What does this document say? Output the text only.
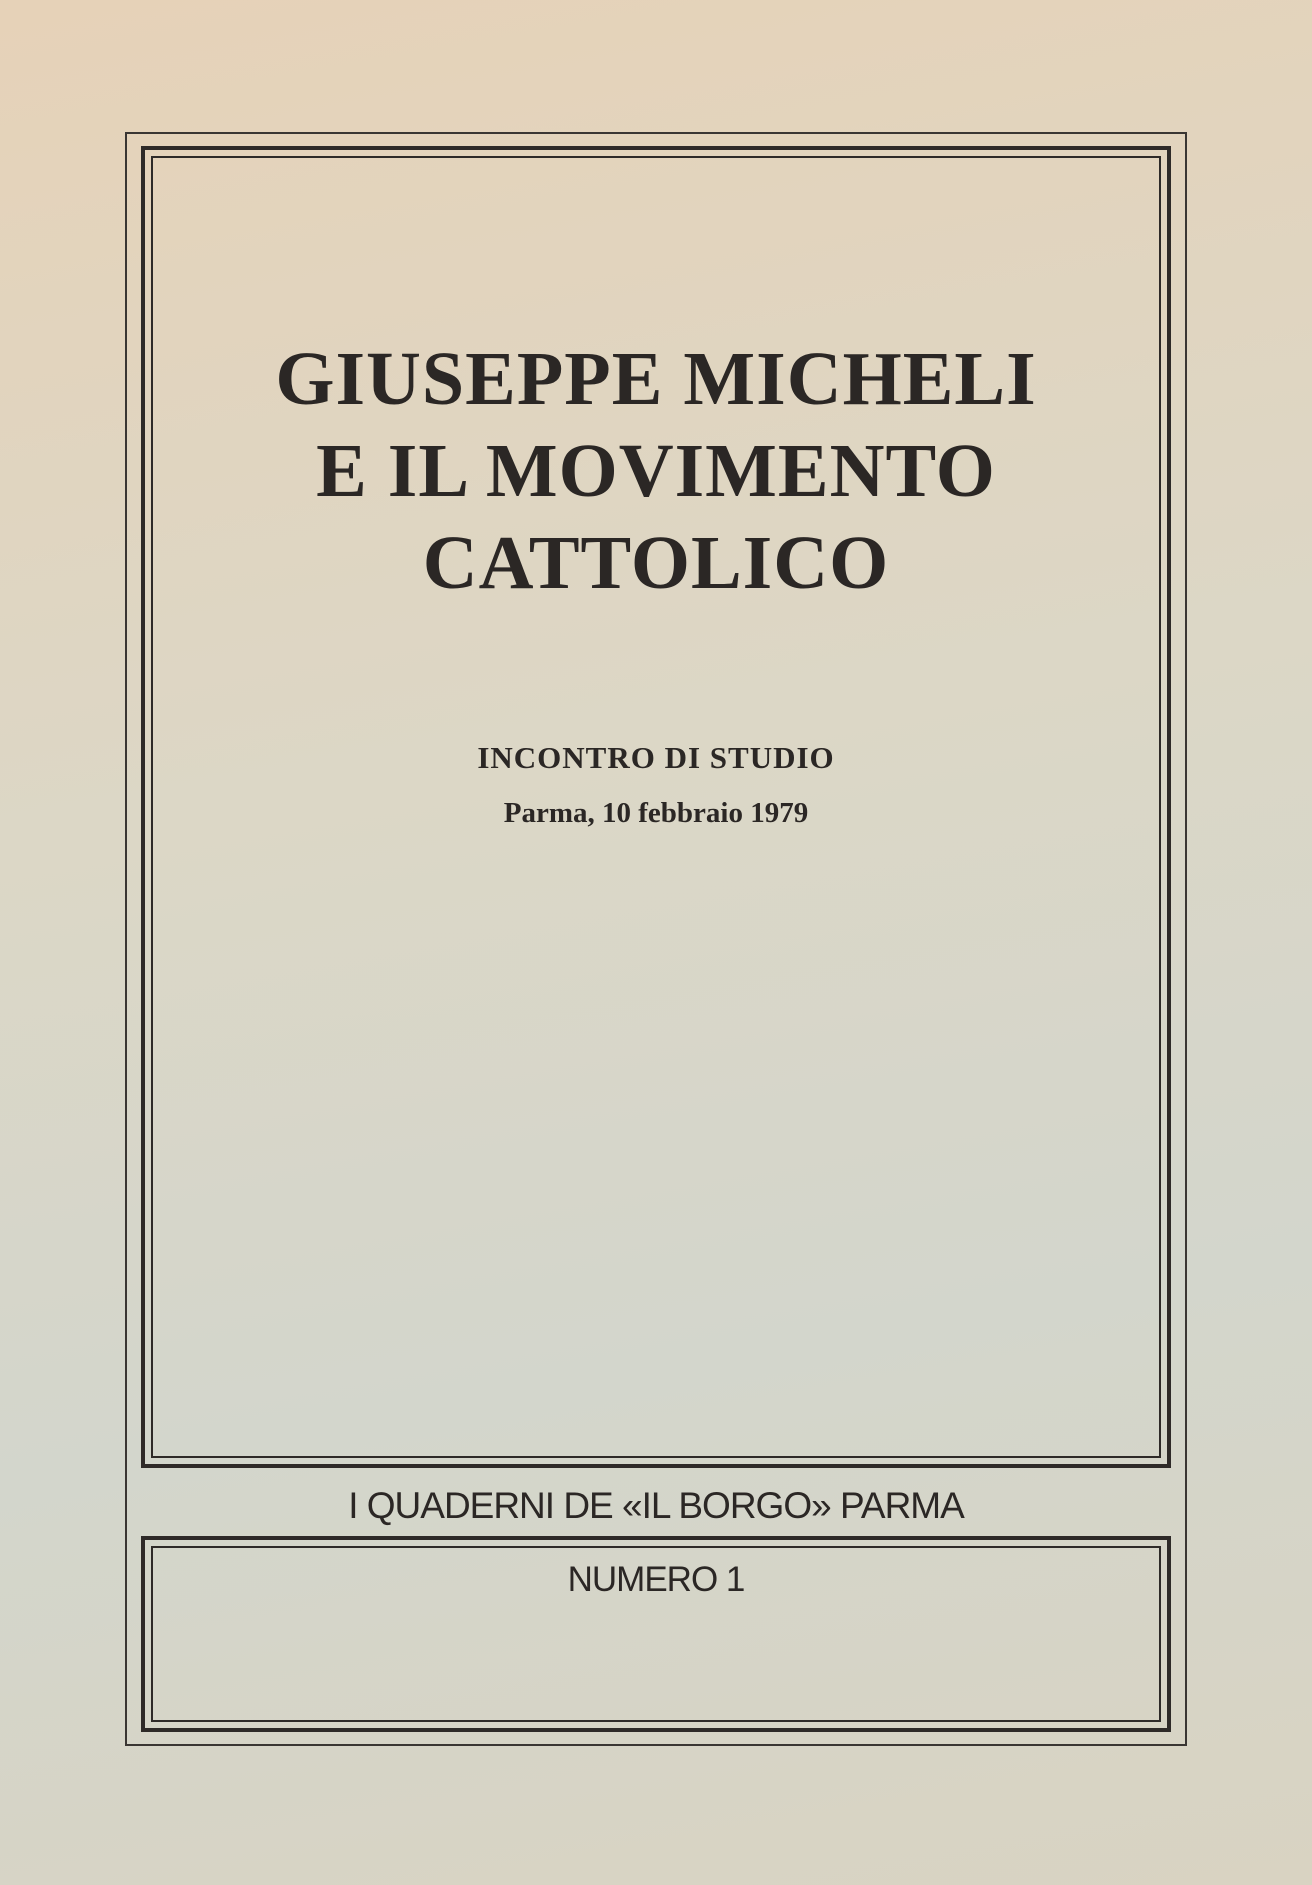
GIUSEPPE MICHELI
E IL MOVIMENTO
CATTOLICO
INCONTRO DI STUDIO
Parma, 10 febbraio 1979
I QUADERNI DE «IL BORGO» PARMA
NUMERO 1
